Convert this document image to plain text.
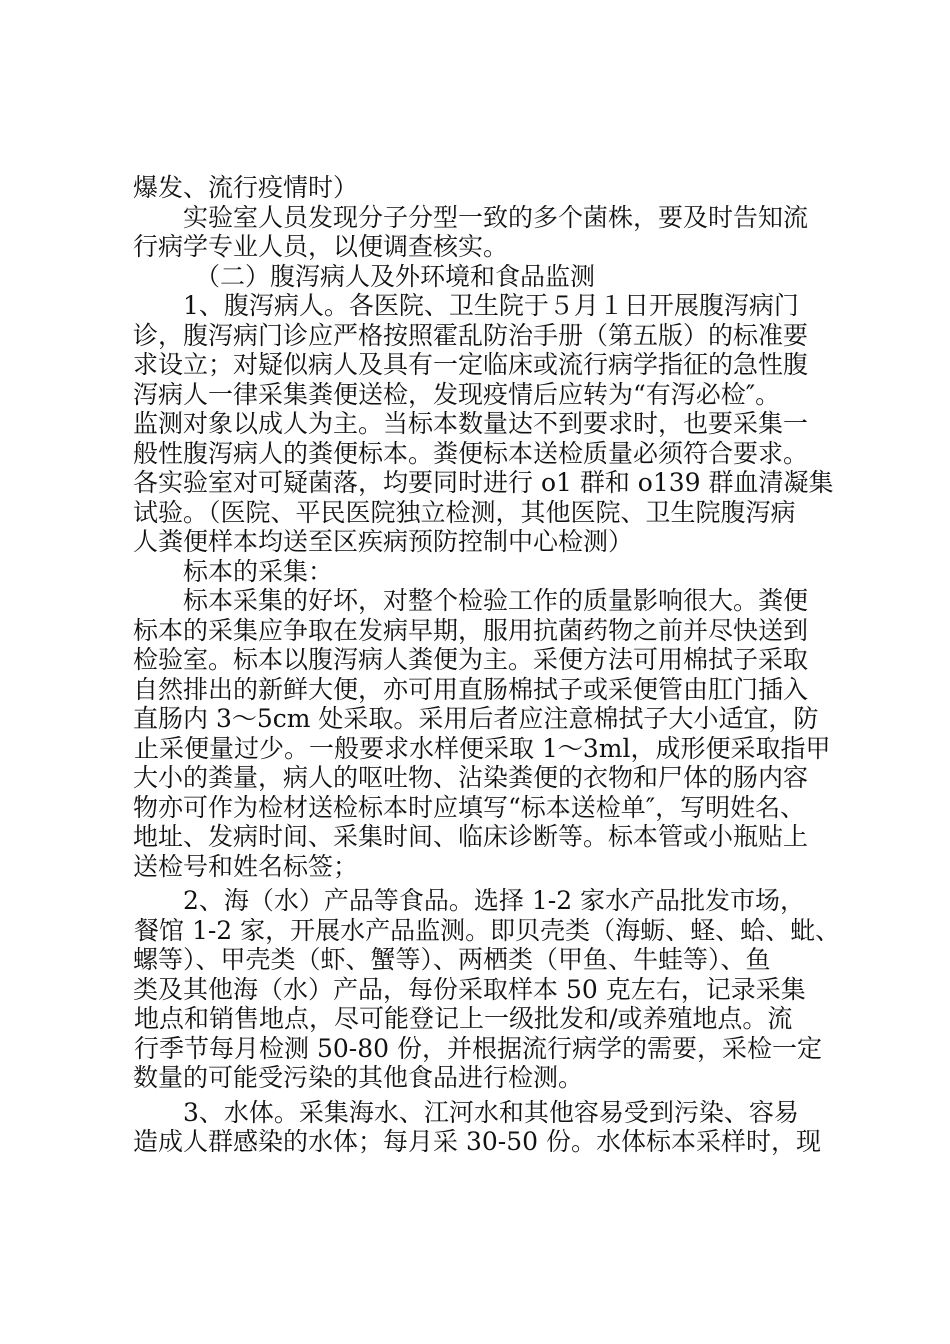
爆发、流行疫情时）
实验室人员发现分子分型一致的多个菌株，要及时告知流
行病学专业人员，以便调查核实。
（二）腹泻病人及外环境和食品监测
1、腹泻病人。各医院、卫生院于５月１日开展腹泻病门
诊，腹泻病门诊应严格按照霍乱防治手册（第五版）的标准要
求设立；对疑似病人及具有一定临床或流行病学指征的急性腹
泻病人一律采集粪便送检，发现疫情后应转为“有泻必检″。
监测对象以成人为主。当标本数量达不到要求时，也要采集一
般性腹泻病人的粪便标本。粪便标本送检质量必须符合要求。
各实验室对可疑菌落，均要同时进行 o1 群和 o139 群血清凝集
试验。（医院、平民医院独立检测，其他医院、卫生院腹泻病
人粪便样本均送至区疾病预防控制中心检测）
标本的采集：
标本采集的好坏，对整个检验工作的质量影响很大。粪便
标本的采集应争取在发病早期，服用抗菌药物之前并尽快送到
检验室。标本以腹泻病人粪便为主。采便方法可用棉拭子采取
自然排出的新鲜大便，亦可用直肠棉拭子或采便管由肛门插入
直肠内 3～5cm 处采取。采用后者应注意棉拭子大小适宜，防
止采便量过少。一般要求水样便采取 1～3ml，成形便采取指甲
大小的粪量，病人的呕吐物、沾染粪便的衣物和尸体的肠内容
物亦可作为检材送检标本时应填写“标本送检单″，写明姓名、
地址、发病时间、采集时间、临床诊断等。标本管或小瓶贴上
送检号和姓名标签；
2、海（水）产品等食品。选择 1-2 家水产品批发市场，
餐馆 1-2 家，开展水产品监测。即贝壳类（海蛎、蛏、蛤、蚍、
螺等）、甲壳类（虾、蟹等）、两栖类（甲鱼、牛蛙等）、鱼
类及其他海（水）产品，每份采取样本 50 克左右，记录采集
地点和销售地点，尽可能登记上一级批发和/或养殖地点。流
行季节每月检测 50-80 份，并根据流行病学的需要，采检一定
数量的可能受污染的其他食品进行检测。
3、水体。采集海水、江河水和其他容易受到污染、容易
造成人群感染的水体；每月采 30-50 份。水体标本采样时，现
